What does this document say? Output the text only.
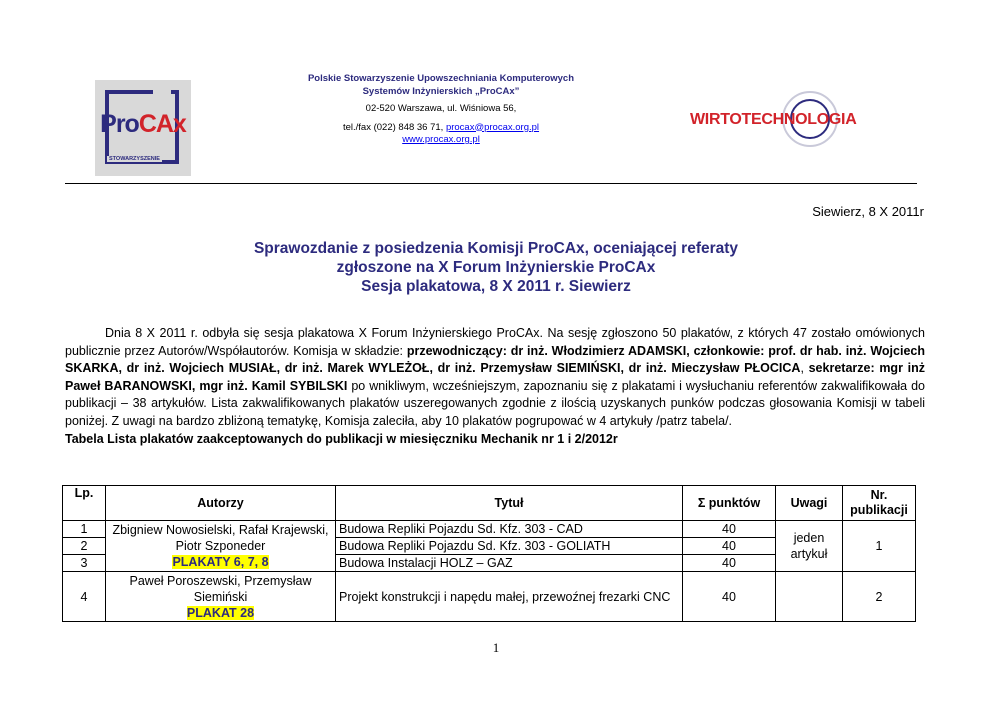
ProCAx
STOWARZYSZENIE
Polskie Stowarzyszenie Upowszechniania Komputerowych
Systemów Inżynierskich „ProCAx”
02-520 Warszawa, ul. Wiśniowa 56,
tel./fax (022) 848 36 71, procax@procax.org.pl
www.procax.org.pl
WIRTOTECHNOLOGIA
Siewierz, 8 X 2011r
Sprawozdanie z posiedzenia Komisji ProCAx, oceniającej referaty
zgłoszone na X Forum Inżynierskie ProCAx
Sesja plakatowa, 8 X 2011 r. Siewierz

Dnia 8 X 2011 r. odbyła się sesja plakatowa X Forum Inżynierskiego ProCAx. Na sesję zgłoszono 50 plakatów, z których 47 zostało omówionych publicznie przez Autorów/Współautorów. Komisja w składzie: przewodniczący: dr inż. Włodzimierz ADAMSKI, członkowie: prof. dr hab. inż. Wojciech SKARKA, dr inż. Wojciech MUSIAŁ, dr inż. Marek WYLEŻOŁ, dr inż. Przemysław SIEMIŃSKI, dr inż. Mieczysław PŁOCICA, sekretarze: mgr inż Paweł BARANOWSKI, mgr inż. Kamil SYBILSKI po wnikliwym, wcześniejszym, zapoznaniu się z plakatami i wysłuchaniu referentów zakwalifikowała do publikacji – 38 artykułów. Lista zakwalifikowanych plakatów uszeregowanych zgodnie z ilością uzyskanych punków podczas głosowania Komisji w tabeli poniżej. Z uwagi na bardzo zbliżoną tematykę, Komisja zaleciła, aby 10 plakatów pogrupować w 4 artykuły /patrz tabela/.

Tabela Lista plakatów zaakceptowanych do publikacji w miesięczniku Mechanik nr 1 i 2/2012r

Lp.	Autorzy	Tytuł	Σ punktów	Uwagi	Nr. publikacji
1	Zbigniew Nowosielski, Rafał Krajewski, Piotr Szponeder
PLAKATY 6, 7, 8	Budowa Repliki Pojazdu Sd. Kfz. 303 - CAD	40	jeden artykuł	1
2		Budowa Repliki Pojazdu Sd. Kfz. 303 - GOLIATH	40		
3		Budowa Instalacji HOLZ – GAZ	40		
4	Paweł Poroszewski, Przemysław Siemiński
PLAKAT 28	Projekt konstrukcji i napędu małej, przewoźnej frezarki CNC	40		2
1
